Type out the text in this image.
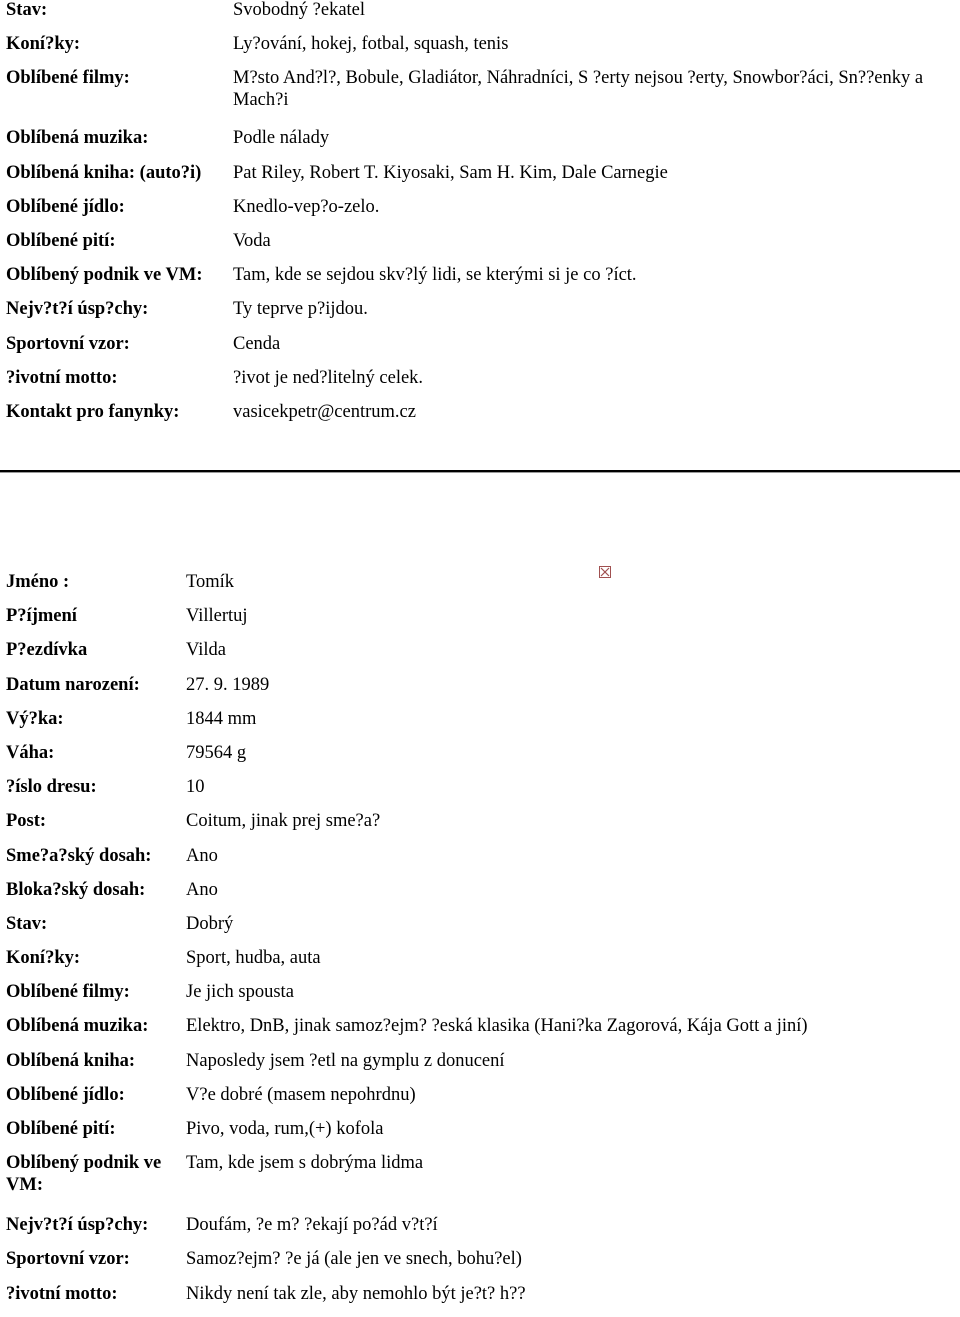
Stav:	Svobodný ?ekatel
Koní?ky:	Ly?ování, hokej, fotbal, squash, tenis
Oblíbené filmy:	M?sto And?l?, Bobule, Gladiátor, Náhradníci, S ?erty nejsou ?erty, Snowbor?áci, Sn??enky a Mach?i
Oblíbená muzika:	Podle nálady
Oblíbená kniha: (auto?i)	Pat Riley, Robert T. Kiyosaki, Sam H. Kim, Dale Carnegie
Oblíbené jídlo:	Knedlo-vep?o-zelo.
Oblíbené pití:	Voda
Oblíbený podnik ve VM:	Tam, kde se sejdou skv?lý lidi, se kterými si je co ?íct.
Nejv?t?í úsp?chy:	Ty teprve p?ijdou.
Sportovní vzor:	Cenda
?ivotní motto:	?ivot je ned?litelný celek.
Kontakt pro fanynky:	vasicekpetr@centrum.cz
Jméno :	Tomík
P?íjmení	Villertuj
P?ezdívka	Vilda
Datum narození:	27. 9. 1989
Vý?ka:	1844 mm
Váha:	79564 g
?íslo dresu:	10
Post:	Coitum, jinak prej sme?a?
Sme?a?ský dosah:	Ano
Bloka?ský dosah:	Ano
Stav:	Dobrý
Koní?ky:	Sport, hudba, auta
Oblíbené filmy:	Je jich spousta
Oblíbená muzika:	Elektro, DnB, jinak samoz?ejm? ?eská klasika (Hani?ka Zagorová, Kája Gott a jiní)
Oblíbená kniha:	Naposledy jsem ?etl na gymplu z donucení
Oblíbené jídlo:	V?e dobré (masem nepohrdnu)
Oblíbené pití:	Pivo, voda, rum,(+) kofola
Oblíbený podnik ve VM:	Tam, kde jsem s dobrýma lidma
Nejv?t?í úsp?chy:	Doufám, ?e m? ?ekají po?ád v?t?í
Sportovní vzor:	Samoz?ejm? ?e já (ale jen ve snech, bohu?el)
?ivotní motto:	Nikdy není tak zle, aby nemohlo být je?t? h??
